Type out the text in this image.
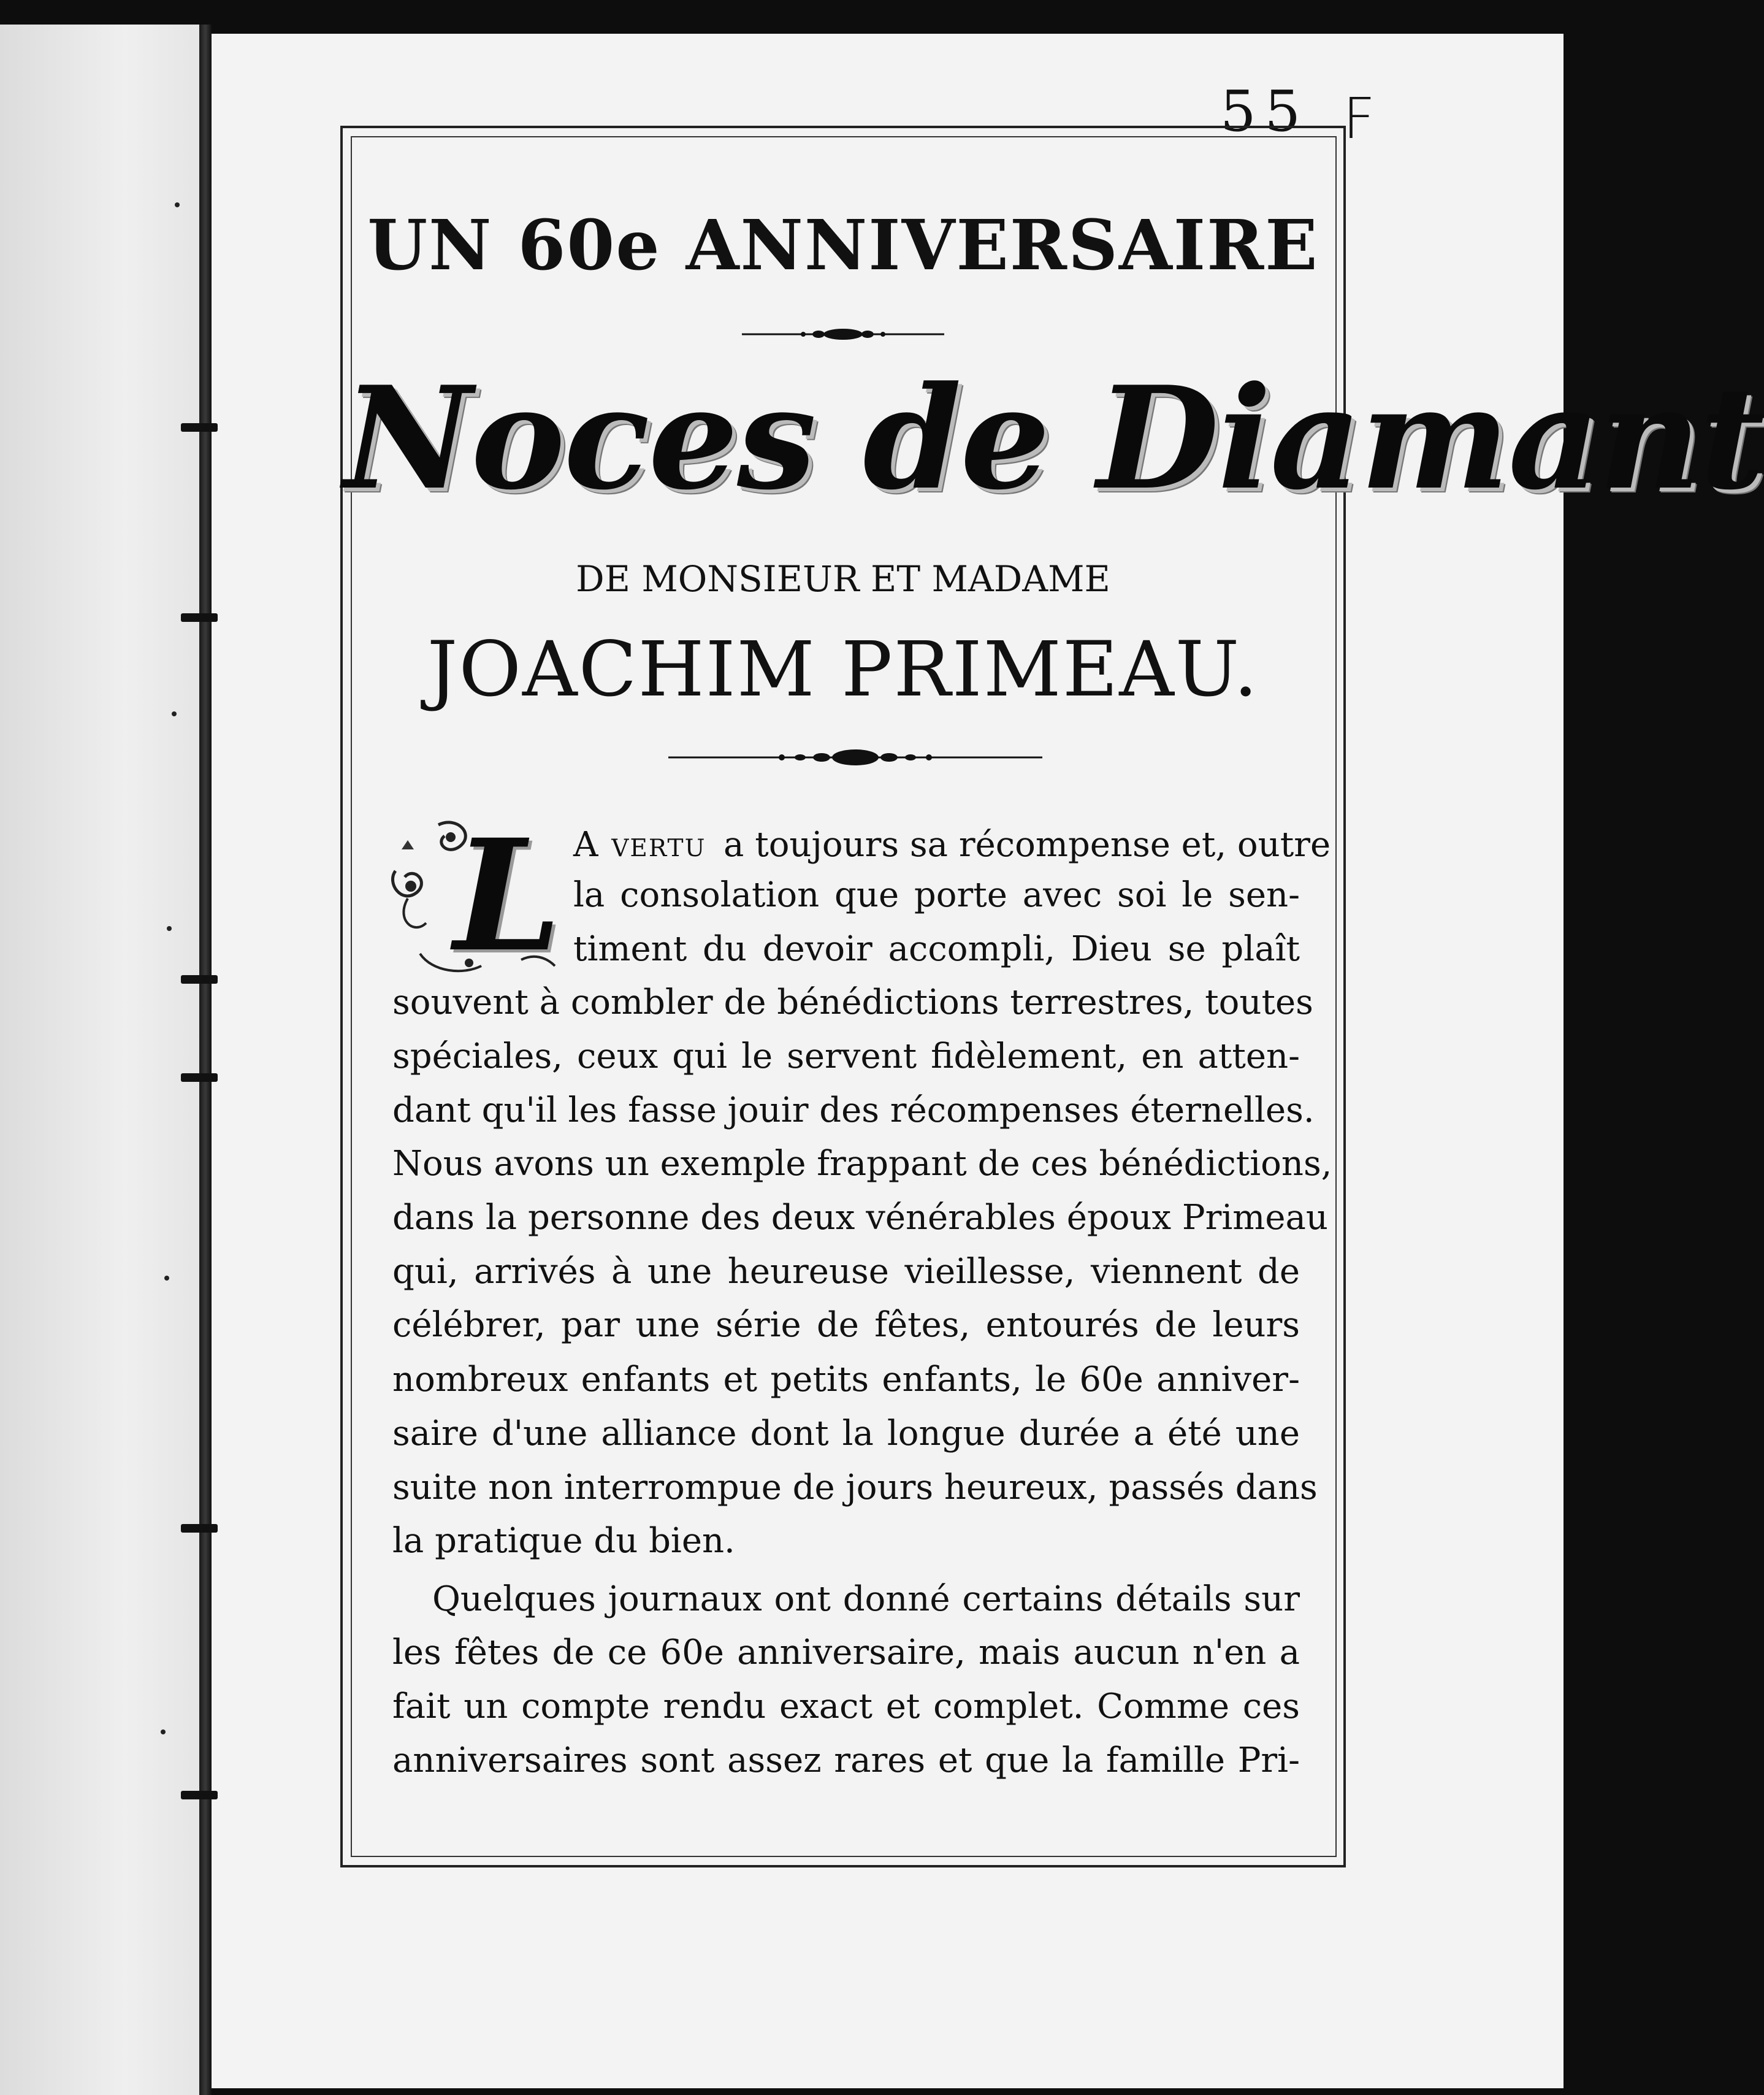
55 F
UN 60e ANNIVERSAIRE
Noces de Diamant
DE MONSIEUR ET MADAME
JOACHIM PRIMEAU.
L A vertu a toujours sa récompense et, outre
la consolation que porte avec soi le sen-
timent du devoir accompli, Dieu se plaît
souvent à combler de bénédictions terrestres, toutes
spéciales, ceux qui le servent fidèlement, en atten-
dant qu'il les fasse jouir des récompenses éternelles.
Nous avons un exemple frappant de ces bénédictions,
dans la personne des deux vénérables époux Primeau
qui, arrivés à une heureuse vieillesse, viennent de
célébrer, par une série de fêtes, entourés de leurs
nombreux enfants et petits enfants, le 60e anniver-
saire d'une alliance dont la longue durée a été une
suite non interrompue de jours heureux, passés dans
la pratique du bien.
Quelques journaux ont donné certains détails sur
les fêtes de ce 60e anniversaire, mais aucun n'en a
fait un compte rendu exact et complet. Comme ces
anniversaires sont assez rares et que la famille Pri-
